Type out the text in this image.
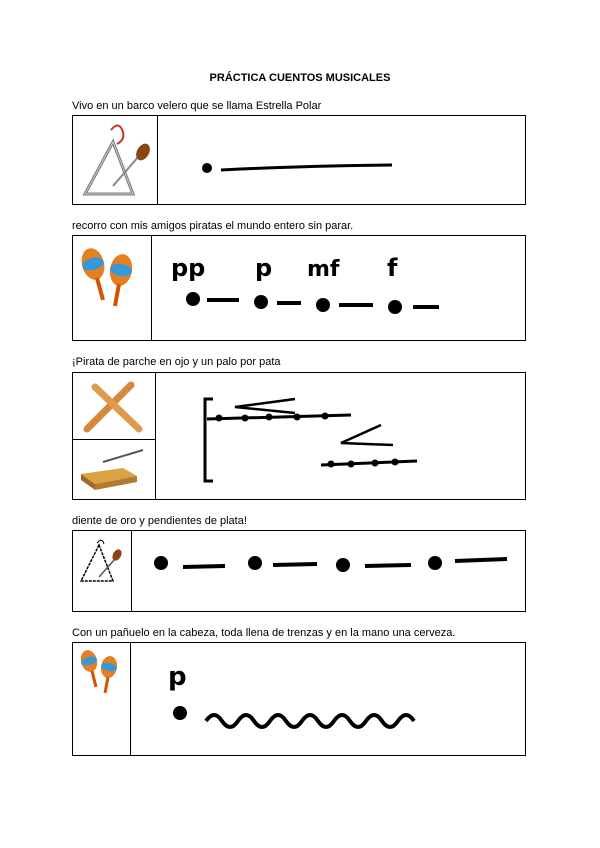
PRÁCTICA CUENTOS MUSICALES
Vivo en un barco velero que se llama Estrella Polar
recorro con mis amigos piratas el mundo entero sin parar.
pp p mf f
¡Pirata de parche en ojo y un palo por pata
diente de oro y pendientes de plata!
Con un pañuelo en la cabeza, toda llena de trenzas y en la mano una cerveza.
p
